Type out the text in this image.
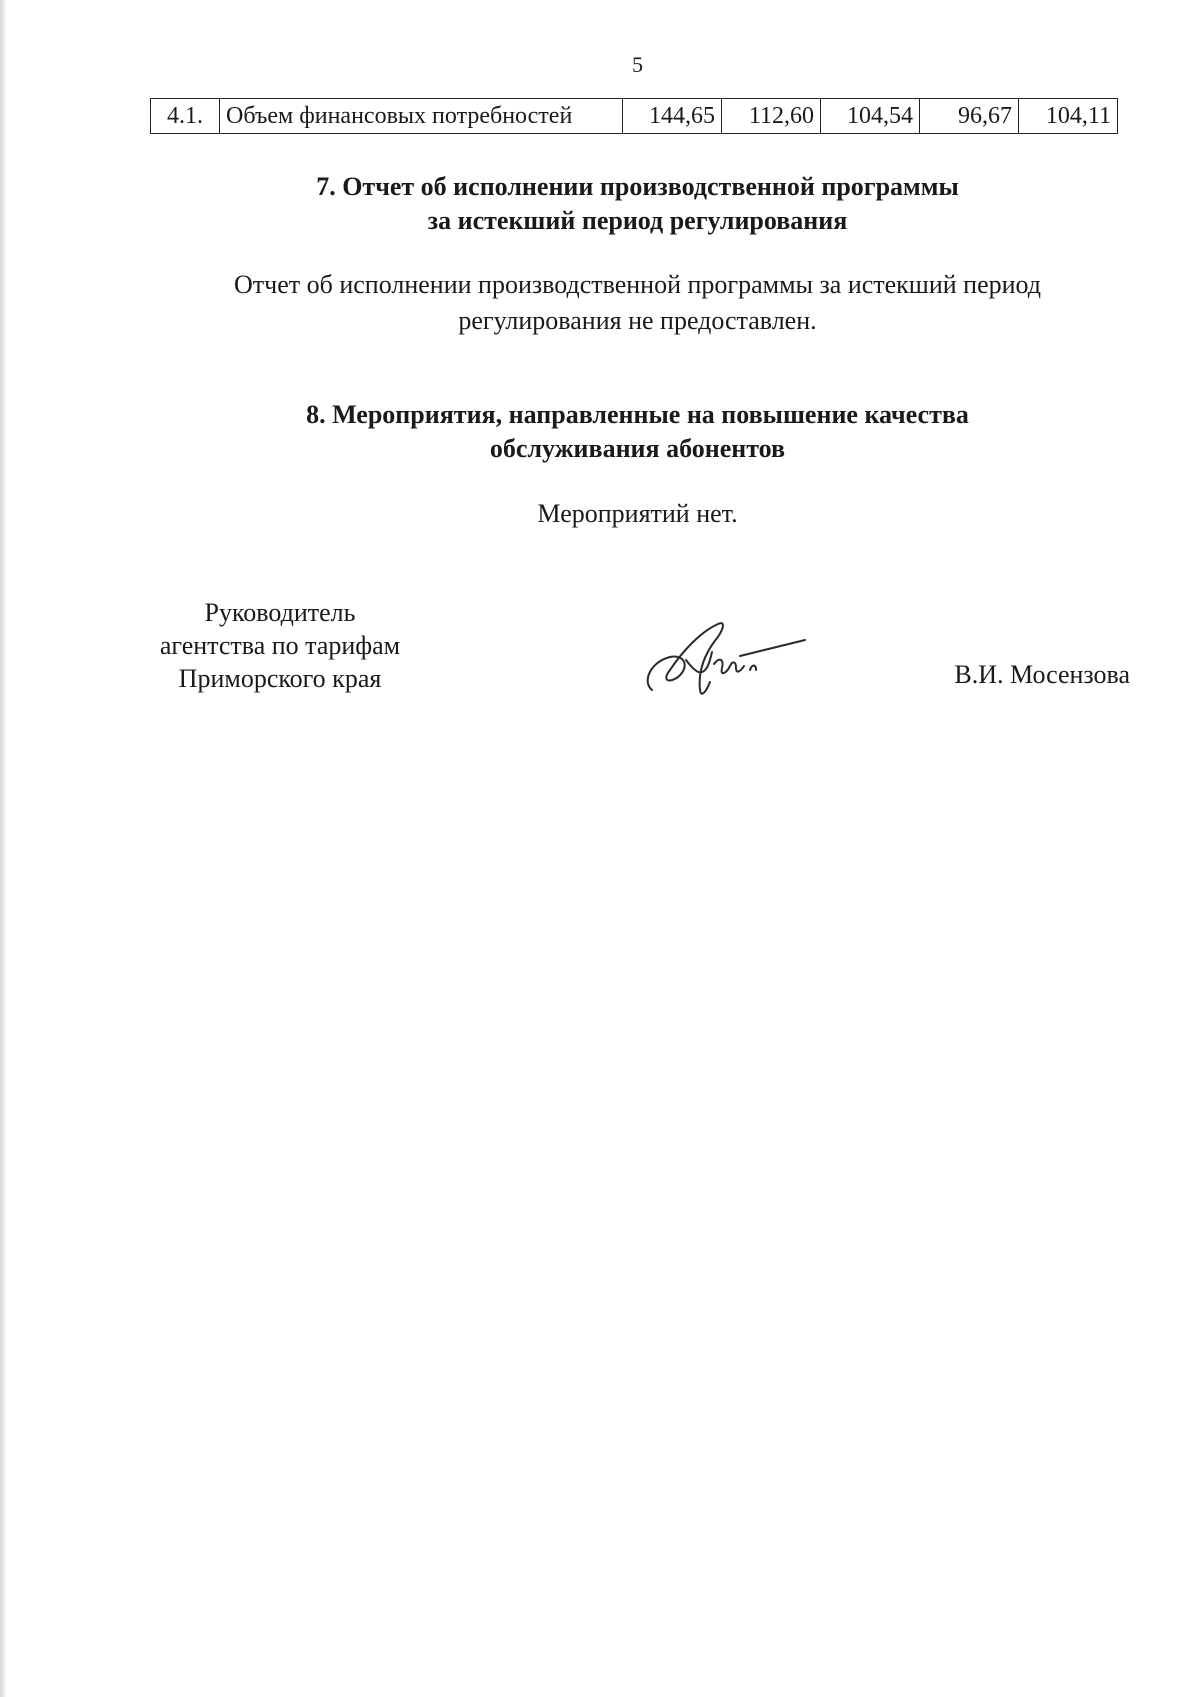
5
4.1.	Объем финансовых потребностей	144,65	112,60	104,54	96,67	104,11
7. Отчет об исполнении производственной программы
за истекший период регулирования
Отчет об исполнении производственной программы за истекший период
регулирования не предоставлен.
8. Мероприятия, направленные на повышение качества
обслуживания абонентов
Мероприятий нет.
Руководитель
агентства по тарифам
Приморского края	В.И. Мосензова
